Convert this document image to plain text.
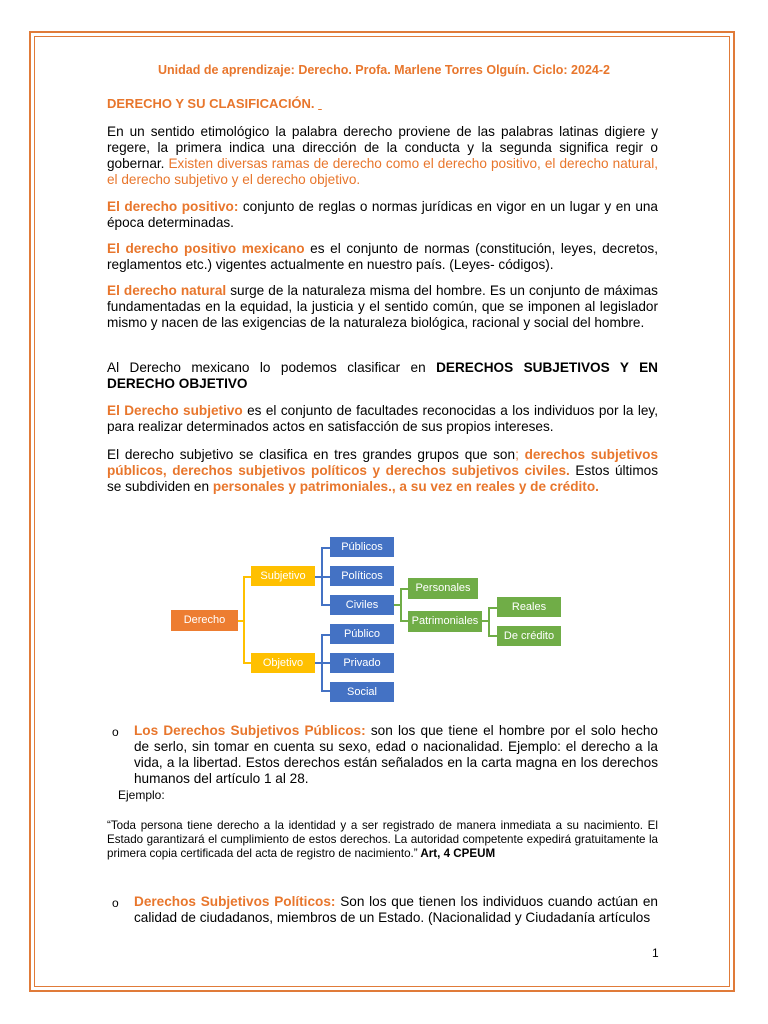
Unidad de aprendizaje: Derecho. Profa. Marlene Torres Olguín. Ciclo: 2024-2
DERECHO Y SU CLASIFICACIÓN.

En un sentido etimológico la palabra derecho proviene de las palabras latinas digiere y regere, la primera indica una dirección de la conducta y la segunda significa regir o gobernar. Existen diversas ramas de derecho como el derecho positivo, el derecho natural, el derecho subjetivo y el derecho objetivo.

El derecho positivo: conjunto de reglas o normas jurídicas en vigor en un lugar y en una época determinadas.

El derecho positivo mexicano es el conjunto de normas (constitución, leyes, decretos, reglamentos etc.) vigentes actualmente en nuestro país. (Leyes- códigos).

El derecho natural surge de la naturaleza misma del hombre. Es un conjunto de máximas fundamentadas en la equidad, la justicia y el sentido común, que se imponen al legislador mismo y nacen de las exigencias de la naturaleza biológica, racional y social del hombre.

Al Derecho mexicano lo podemos clasificar en DERECHOS SUBJETIVOS Y EN DERECHO OBJETIVO

El Derecho subjetivo es el conjunto de facultades reconocidas a los individuos por la ley, para realizar determinados actos en satisfacción de sus propios intereses.

El derecho subjetivo se clasifica en tres grandes grupos que son; derechos subjetivos públicos, derechos subjetivos políticos y derechos subjetivos civiles. Estos últimos se subdividen en personales y patrimoniales., a su vez en reales y de crédito.

Derecho
Subjetivo
Objetivo
Públicos
Políticos
Civiles
Público
Privado
Social
Personales
Patrimoniales
Reales
De crédito
o Los Derechos Subjetivos Públicos: son los que tiene el hombre por el solo hecho de serlo, sin tomar en cuenta su sexo, edad o nacionalidad. Ejemplo: el derecho a la vida, a la libertad. Estos derechos están señalados en la carta magna en los derechos humanos del artículo 1 al 28.
Ejemplo:
“Toda persona tiene derecho a la identidad y a ser registrado de manera inmediata a su nacimiento. El Estado garantizará el cumplimiento de estos derechos. La autoridad competente expedirá gratuitamente la primera copia certificada del acta de registro de nacimiento.” Art, 4 CPEUM
o Derechos Subjetivos Políticos: Son los que tienen los individuos cuando actúan en calidad de ciudadanos, miembros de un Estado. (Nacionalidad y Ciudadanía artículos
1
